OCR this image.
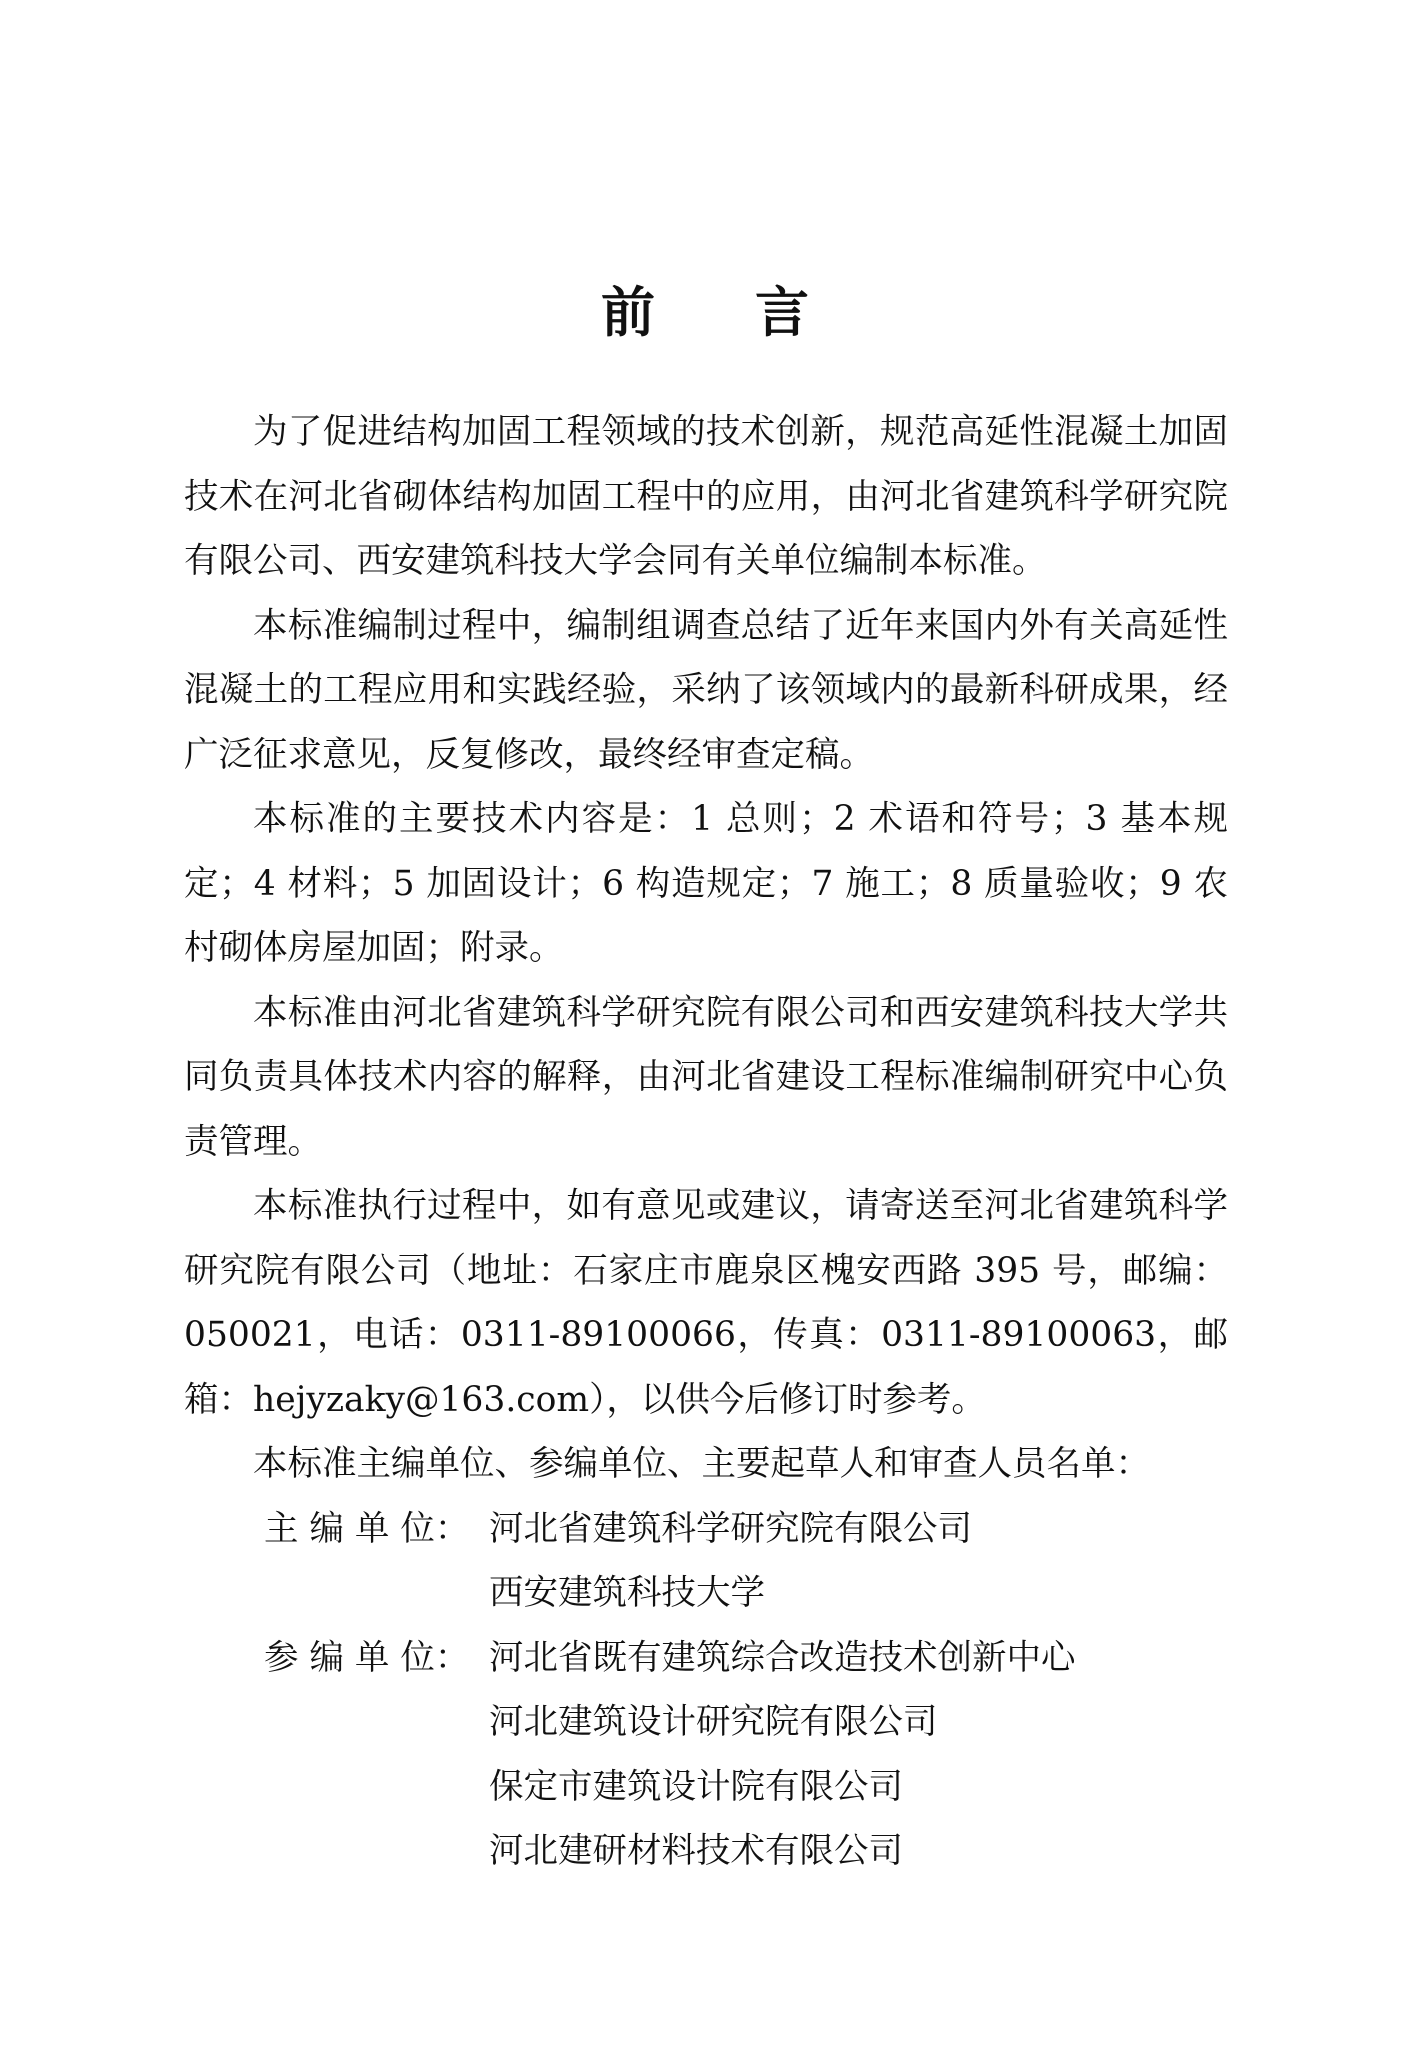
前言

为了促进结构加固工程领域的技术创新，规范高延性混凝土加固技术在河北省砌体结构加固工程中的应用，由河北省建筑科学研究院有限公司、西安建筑科技大学会同有关单位编制本标准。

本标准编制过程中，编制组调查总结了近年来国内外有关高延性混凝土的工程应用和实践经验，采纳了该领域内的最新科研成果，经广泛征求意见，反复修改，最终经审查定稿。

本标准的主要技术内容是：1 总则；2 术语和符号；3 基本规定；4 材料；5 加固设计；6 构造规定；7 施工；8 质量验收；9 农村砌体房屋加固；附录。

本标准由河北省建筑科学研究院有限公司和西安建筑科技大学共同负责具体技术内容的解释，由河北省建设工程标准编制研究中心负责管理。

本标准执行过程中，如有意见或建议，请寄送至河北省建筑科学研究院有限公司（地址：石家庄市鹿泉区槐安西路 395 号，邮编：050021，电话：0311-89100066，传真：0311-89100063，邮箱：hejyzaky@163.com），以供今后修订时参考。

本标准主编单位、参编单位、主要起草人和审查人员名单：

主 编 单 位： 河北省建筑科学研究院有限公司
西安建筑科技大学
参 编 单 位： 河北省既有建筑综合改造技术创新中心
河北建筑设计研究院有限公司
保定市建筑设计院有限公司
河北建研材料技术有限公司
